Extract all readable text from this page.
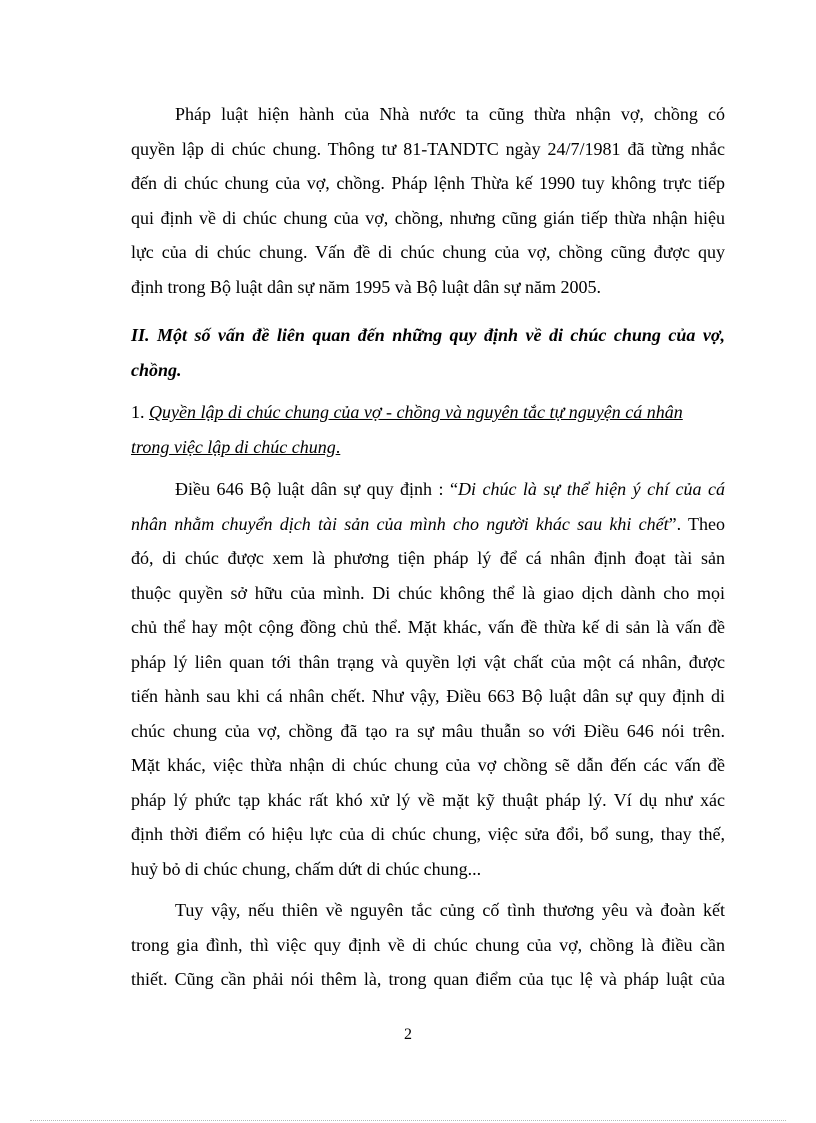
Pháp luật hiện hành của Nhà nước ta cũng thừa nhận vợ, chồng có
quyền lập di chúc chung. Thông tư 81-TANDTC ngày 24/7/1981 đã từng nhắc
đến di chúc chung của vợ, chồng. Pháp lệnh Thừa kế 1990 tuy không trực tiếp
qui định về di chúc chung của vợ, chồng, nhưng cũng gián tiếp thừa nhận hiệu
lực của di chúc chung. Vấn đề di chúc chung của vợ, chồng cũng được quy
định trong Bộ luật dân sự năm 1995 và Bộ luật dân sự năm 2005.
II. Một số vấn đề liên quan đến những quy định về di chúc chung của vợ,
chồng.
1. Quyền lập di chúc chung của vợ - chồng và nguyên tắc tự nguyện cá nhân
trong việc lập di chúc chung.
Điều 646 Bộ luật dân sự quy định : “Di chúc là sự thể hiện ý chí của cá
nhân nhằm chuyển dịch tài sản của mình cho người khác sau khi chết”. Theo
đó, di chúc được xem là phương tiện pháp lý để cá nhân định đoạt tài sản
thuộc quyền sở hữu của mình. Di chúc không thể là giao dịch dành cho mọi
chủ thể hay một cộng đồng chủ thể. Mặt khác, vấn đề thừa kế di sản là vấn đề
pháp lý liên quan tới thân trạng và quyền lợi vật chất của một cá nhân, được
tiến hành sau khi cá nhân chết. Như vậy, Điều 663 Bộ luật dân sự quy định di
chúc chung của vợ, chồng đã tạo ra sự mâu thuẫn so với Điều 646 nói trên.
Mặt khác, việc thừa nhận di chúc chung của vợ chồng sẽ dẫn đến các vấn đề
pháp lý phức tạp khác rất khó xử lý về mặt kỹ thuật pháp lý. Ví dụ như xác
định thời điểm có hiệu lực của di chúc chung, việc sửa đổi, bổ sung, thay thế,
huỷ bỏ di chúc chung, chấm dứt di chúc chung...
Tuy vậy, nếu thiên về nguyên tắc củng cố tình thương yêu và đoàn kết
trong gia đình, thì việc quy định về di chúc chung của vợ, chồng là điều cần
thiết. Cũng cần phải nói thêm là, trong quan điểm của tục lệ và pháp luật của
2
